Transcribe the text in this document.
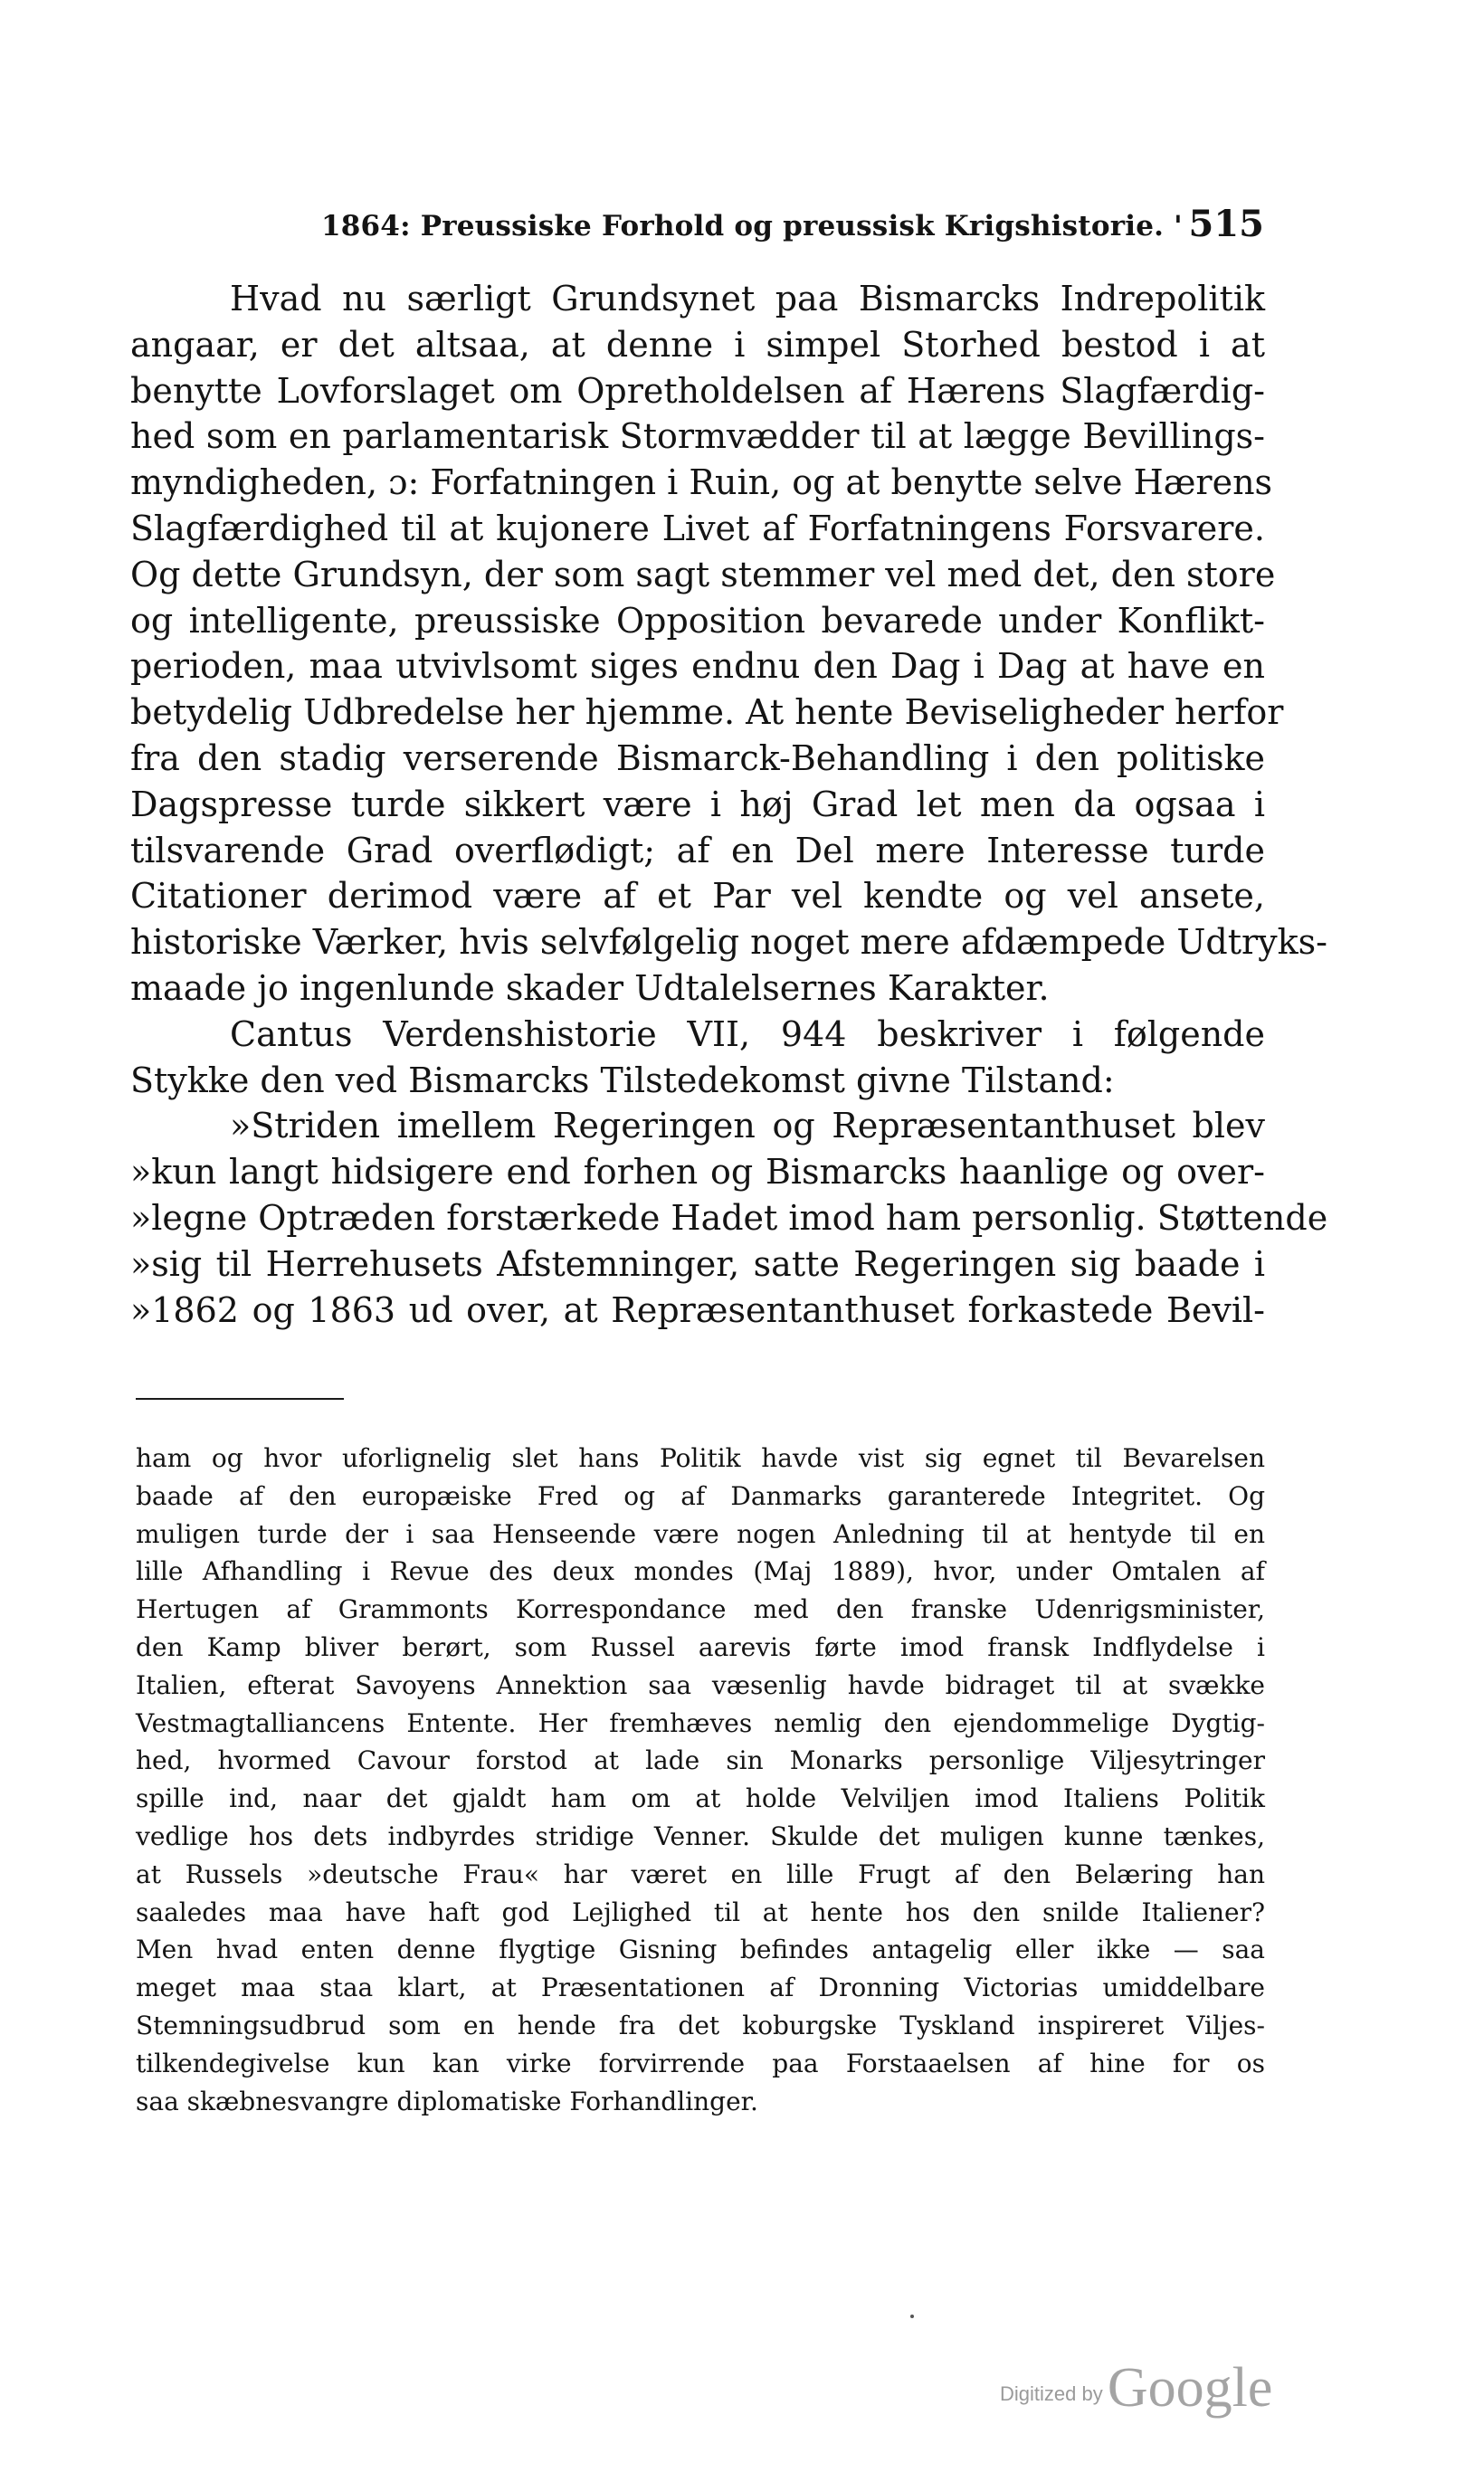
1864: Preussiske Forhold og preussisk Krigshistorie. ' 515
Hvad nu særligt Grundsynet paa Bismarcks Indrepolitik
angaar, er det altsaa, at denne i simpel Storhed bestod i at
benytte Lovforslaget om Opretholdelsen af Hærens Slagfærdig-
hed som en parlamentarisk Stormvædder til at lægge Bevillings-
myndigheden, ɔ: Forfatningen i Ruin, og at benytte selve Hærens
Slagfærdighed til at kujonere Livet af Forfatningens Forsvarere.
Og dette Grundsyn, der som sagt stemmer vel med det, den store
og intelligente, preussiske Opposition bevarede under Konflikt-
perioden, maa utvivlsomt siges endnu den Dag i Dag at have en
betydelig Udbredelse her hjemme. At hente Beviseligheder herfor
fra den stadig verserende Bismarck-Behandling i den politiske
Dagspresse turde sikkert være i høj Grad let men da ogsaa i
tilsvarende Grad overflødigt; af en Del mere Interesse turde
Citationer derimod være af et Par vel kendte og vel ansete,
historiske Værker, hvis selvfølgelig noget mere afdæmpede Udtryks-
maade jo ingenlunde skader Udtalelsernes Karakter.
Cantus Verdenshistorie VII, 944 beskriver i følgende
Stykke den ved Bismarcks Tilstedekomst givne Tilstand:
»Striden imellem Regeringen og Repræsentanthuset blev
»kun langt hidsigere end forhen og Bismarcks haanlige og over-
»legne Optræden forstærkede Hadet imod ham personlig. Støttende
»sig til Herrehusets Afstemninger, satte Regeringen sig baade i
»1862 og 1863 ud over, at Repræsentanthuset forkastede Bevil-
ham og hvor uforlignelig slet hans Politik havde vist sig egnet til Bevarelsen
baade af den europæiske Fred og af Danmarks garanterede Integritet. Og
muligen turde der i saa Henseende være nogen Anledning til at hentyde til en
lille Afhandling i Revue des deux mondes (Maj 1889), hvor, under Omtalen af
Hertugen af Grammonts Korrespondance med den franske Udenrigsminister,
den Kamp bliver berørt, som Russel aarevis førte imod fransk Indflydelse i
Italien, efterat Savoyens Annektion saa væsenlig havde bidraget til at svække
Vestmagtalliancens Entente. Her fremhæves nemlig den ejendommelige Dygtig-
hed, hvormed Cavour forstod at lade sin Monarks personlige Viljesytringer
spille ind, naar det gjaldt ham om at holde Velviljen imod Italiens Politik
vedlige hos dets indbyrdes stridige Venner. Skulde det muligen kunne tænkes,
at Russels »deutsche Frau« har været en lille Frugt af den Belæring han
saaledes maa have haft god Lejlighed til at hente hos den snilde Italiener?
Men hvad enten denne flygtige Gisning befindes antagelig eller ikke — saa
meget maa staa klart, at Præsentationen af Dronning Victorias umiddelbare
Stemningsudbrud som en hende fra det koburgske Tyskland inspireret Viljes-
tilkendegivelse kun kan virke forvirrende paa Forstaaelsen af hine for os
saa skæbnesvangre diplomatiske Forhandlinger.
Digitized by Google
